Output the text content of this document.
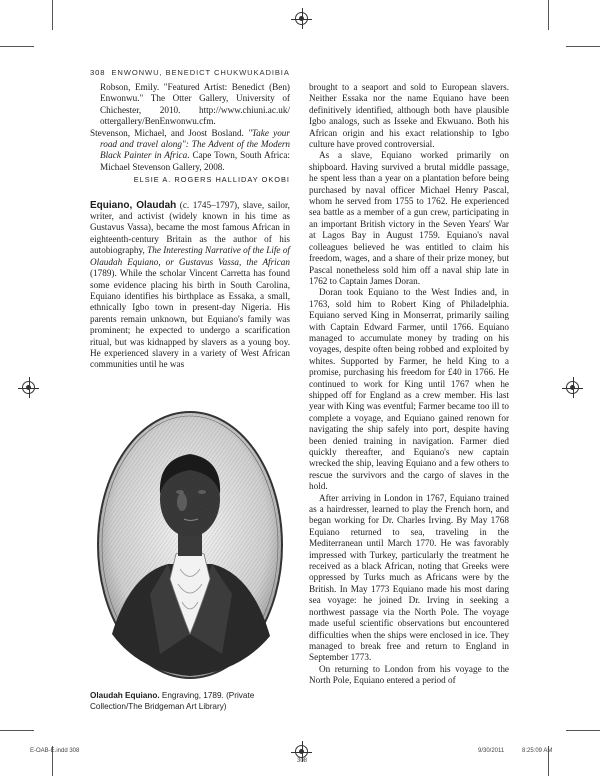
308 ENWONWU, BENEDICT CHUKWUKADIBIA

Robson, Emily. "Featured Artist: Benedict (Ben) Enwonwu." The Otter Gallery, University of Chichester, 2010. http://www.chiuni.ac.uk/ ottergallery/BenEnwonwu.cfm.

Stevenson, Michael, and Joost Bosland. "Take your road and travel along": The Advent of the Modern Black Painter in Africa. Cape Town, South Africa: Michael Stevenson Gallery, 2008.

ELSIE A. ROGERS HALLIDAY OKOBI

Equiano, Olaudah (c. 1745–1797), slave, sailor, writer, and activist (widely known in his time as Gustavus Vassa), became the most famous African in eighteenth-century Britain as the author of his autobiography, The Interesting Narrative of the Life of Olaudah Equiano, or Gustavus Vassa, the African (1789). While the scholar Vincent Carretta has found some evidence placing his birth in South Carolina, Equiano identifies his birthplace as Essaka, a small, ethnically Igbo town in present-day Nigeria. His parents remain unknown, but Equiano's family was prominent; he expected to undergo a scarification ritual, but was kidnapped by slavers as a young boy. He experienced slavery in a variety of West African communities until he was

Olaudah Equiano. Engraving, 1789. (Private Collection/The Bridgeman Art Library)

brought to a seaport and sold to European slavers. Neither Essaka nor the name Equiano have been definitively identified, although both have plausible Igbo analogs, such as Isseke and Ekwuano. Both his African origin and his exact relationship to Igbo culture have proved controversial.

As a slave, Equiano worked primarily on shipboard. Having survived a brutal middle passage, he spent less than a year on a plantation before being purchased by naval officer Michael Henry Pascal, whom he served from 1755 to 1762. He experienced sea battle as a member of a gun crew, participating in an important British victory in the Seven Years' War at Lagos Bay in August 1759. Equiano's naval colleagues believed he was entitled to claim his freedom, wages, and a share of their prize money, but Pascal nonetheless sold him off a naval ship late in 1762 to Captain James Doran.

Doran took Equiano to the West Indies and, in 1763, sold him to Robert King of Philadelphia. Equiano served King in Monserrat, primarily sailing with Captain Edward Farmer, until 1766. Equiano managed to accumulate money by trading on his voyages, despite often being robbed and exploited by whites. Supported by Farmer, he held King to a promise, purchasing his freedom for £40 in 1766. He continued to work for King until 1767 when he shipped off for England as a crew member. His last year with King was eventful; Farmer became too ill to complete a voyage, and Equiano gained renown for navigating the ship safely into port, despite having been denied training in navigation. Farmer died quickly thereafter, and Equiano's new captain wrecked the ship, leaving Equiano and a few others to rescue the survivors and the cargo of slaves in the hold.

After arriving in London in 1767, Equiano trained as a hairdresser, learned to play the French horn, and began working for Dr. Charles Irving. By May 1768 Equiano returned to sea, traveling in the Mediterranean until March 1770. He was favorably impressed with Turkey, particularly the treatment he received as a black African, noting that Greeks were oppressed by Turks much as Africans were by the British. In May 1773 Equiano made his most daring sea voyage: he joined Dr. Irving in seeking a northwest passage via the North Pole. The voyage made useful scientific observations but encountered difficulties when the ships were enclosed in ice. They managed to break free and return to England in September 1773.

On returning to London from his voyage to the North Pole, Equiano entered a period of

E-OAB-E.indd 308
308
9/30/2011	8:25:09 AM
